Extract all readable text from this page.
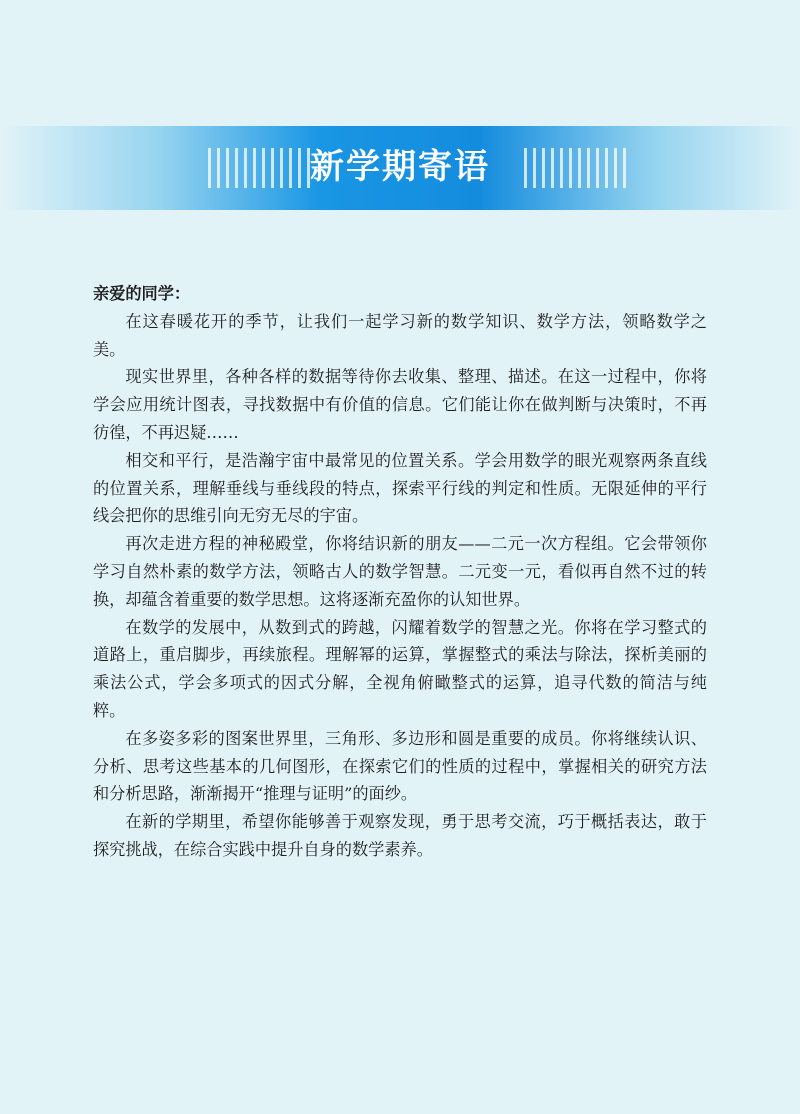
新学期寄语

亲爱的同学：

在这春暖花开的季节，让我们一起学习新的数学知识、数学方法，领略数学之美。

现实世界里，各种各样的数据等待你去收集、整理、描述。在这一过程中，你将学会应用统计图表，寻找数据中有价值的信息。它们能让你在做判断与决策时，不再彷徨，不再迟疑……

相交和平行，是浩瀚宇宙中最常见的位置关系。学会用数学的眼光观察两条直线的位置关系，理解垂线与垂线段的特点，探索平行线的判定和性质。无限延伸的平行线会把你的思维引向无穷无尽的宇宙。

再次走进方程的神秘殿堂，你将结识新的朋友——二元一次方程组。它会带领你学习自然朴素的数学方法，领略古人的数学智慧。二元变一元，看似再自然不过的转换，却蕴含着重要的数学思想。这将逐渐充盈你的认知世界。

在数学的发展中，从数到式的跨越，闪耀着数学的智慧之光。你将在学习整式的道路上，重启脚步，再续旅程。理解幂的运算，掌握整式的乘法与除法，探析美丽的乘法公式，学会多项式的因式分解，全视角俯瞰整式的运算，追寻代数的简洁与纯粹。

在多姿多彩的图案世界里，三角形、多边形和圆是重要的成员。你将继续认识、分析、思考这些基本的几何图形，在探索它们的性质的过程中，掌握相关的研究方法和分析思路，渐渐揭开“推理与证明”的面纱。

在新的学期里，希望你能够善于观察发现，勇于思考交流，巧于概括表达，敢于探究挑战，在综合实践中提升自身的数学素养。
